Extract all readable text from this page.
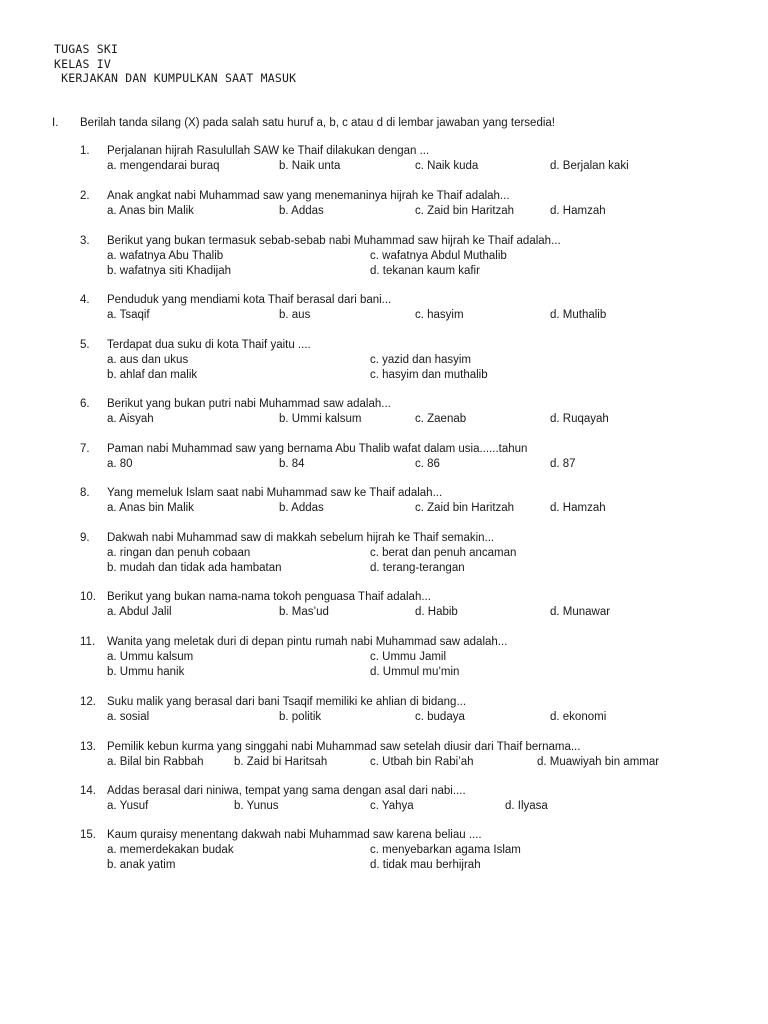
TUGAS SKI
KELAS IV
KERJAKAN DAN KUMPULKAN SAAT MASUK
I. Berilah tanda silang (X) pada salah satu huruf a, b, c atau d di lembar jawaban yang tersedia!
1.	Perjalanan hijrah Rasulullah SAW ke Thaif dilakukan dengan ...
a. mengendarai buraq	b. Naik unta	c. Naik kuda	d. Berjalan kaki
2.	Anak angkat nabi Muhammad saw yang menemaninya hijrah ke Thaif adalah...
a. Anas bin Malik	b. Addas	c. Zaid bin Haritzah	d. Hamzah
3.	Berikut yang bukan termasuk sebab-sebab nabi Muhammad saw hijrah ke Thaif adalah...
a. wafatnya Abu Thalib	c. wafatnya Abdul Muthalib
b. wafatnya siti Khadijah	d. tekanan kaum kafir
4.	Penduduk yang mendiami kota Thaif berasal dari bani...
a. Tsaqif	b. aus	c. hasyim	d. Muthalib
5.	Terdapat dua suku di kota Thaif yaitu ....
a. aus dan ukus	c. yazid dan hasyim
b. ahlaf dan malik	c. hasyim dan muthalib
6.	Berikut yang bukan putri nabi Muhammad saw adalah...
a. Aisyah	b. Ummi kalsum	c. Zaenab	d. Ruqayah
7.	Paman nabi Muhammad saw yang bernama Abu Thalib wafat dalam usia......tahun
a. 80	b. 84	c. 86	d. 87
8.	Yang memeluk Islam saat nabi Muhammad saw ke Thaif adalah...
a. Anas bin Malik	b. Addas	c. Zaid bin Haritzah	d. Hamzah
9.	Dakwah nabi Muhammad saw di makkah sebelum hijrah ke Thaif semakin...
a. ringan dan penuh cobaan	c. berat dan penuh ancaman
b. mudah dan tidak ada hambatan	d. terang-terangan
10. Berikut yang bukan nama-nama tokoh penguasa Thaif adalah...
a. Abdul Jalil	b. Mas’ud	d. Habib	d. Munawar
11.	Wanita yang meletak duri di depan pintu rumah nabi Muhammad saw adalah...
a. Ummu kalsum	c. Ummu Jamil
b. Ummu hanik	d. Ummul mu’min
12. Suku malik yang berasal dari bani Tsaqif memiliki ke ahlian di bidang...
a. sosial	b. politik	c. budaya	d. ekonomi
13. Pemilik kebun kurma yang singgahi nabi Muhammad saw setelah diusir dari Thaif bernama...
a. Bilal bin Rabbah	b. Zaid bi Haritsah	c. Utbah bin Rabi’ah	d. Muawiyah bin ammar
14. Addas berasal dari niniwa, tempat yang sama dengan asal dari nabi....
a. Yusuf	b. Yunus	c. Yahya	d. Ilyasa
15. Kaum quraisy menentang dakwah nabi Muhammad saw karena beliau ....
a. memerdekakan budak	c. menyebarkan agama Islam
b. anak yatim	d. tidak mau berhijrah
